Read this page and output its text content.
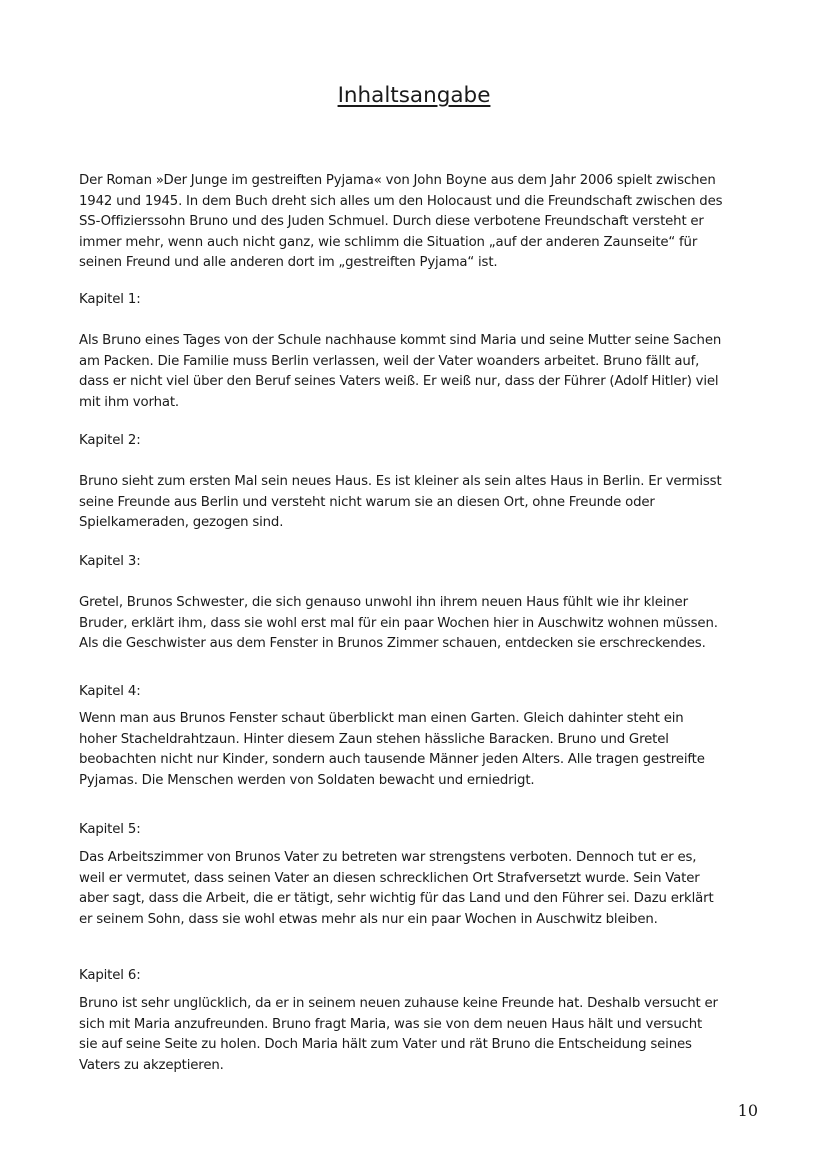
Inhaltsangabe

Der Roman »Der Junge im gestreiften Pyjama« von John Boyne aus dem Jahr 2006 spielt zwischen
1942 und 1945. In dem Buch dreht sich alles um den Holocaust und die Freundschaft zwischen des
SS-Offizierssohn Bruno und des Juden Schmuel. Durch diese verbotene Freundschaft versteht er
immer mehr, wenn auch nicht ganz, wie schlimm die Situation „auf der anderen Zaunseite“ für
seinen Freund und alle anderen dort im „gestreiften Pyjama“ ist.

Kapitel 1:

Als Bruno eines Tages von der Schule nachhause kommt sind Maria und seine Mutter seine Sachen
am Packen. Die Familie muss Berlin verlassen, weil der Vater woanders arbeitet. Bruno fällt auf,
dass er nicht viel über den Beruf seines Vaters weiß. Er weiß nur, dass der Führer (Adolf Hitler) viel
mit ihm vorhat.

Kapitel 2:

Bruno sieht zum ersten Mal sein neues Haus. Es ist kleiner als sein altes Haus in Berlin. Er vermisst
seine Freunde aus Berlin und versteht nicht warum sie an diesen Ort, ohne Freunde oder
Spielkameraden, gezogen sind.

Kapitel 3:

Gretel, Brunos Schwester, die sich genauso unwohl ihn ihrem neuen Haus fühlt wie ihr kleiner
Bruder, erklärt ihm, dass sie wohl erst mal für ein paar Wochen hier in Auschwitz wohnen müssen.
Als die Geschwister aus dem Fenster in Brunos Zimmer schauen, entdecken sie erschreckendes.

Kapitel 4:

Wenn man aus Brunos Fenster schaut überblickt man einen Garten. Gleich dahinter steht ein
hoher Stacheldrahtzaun. Hinter diesem Zaun stehen hässliche Baracken. Bruno und Gretel
beobachten nicht nur Kinder, sondern auch tausende Männer jeden Alters. Alle tragen gestreifte
Pyjamas. Die Menschen werden von Soldaten bewacht und erniedrigt.

Kapitel 5:

Das Arbeitszimmer von Brunos Vater zu betreten war strengstens verboten. Dennoch tut er es,
weil er vermutet, dass seinen Vater an diesen schrecklichen Ort Strafversetzt wurde. Sein Vater
aber sagt, dass die Arbeit, die er tätigt, sehr wichtig für das Land und den Führer sei. Dazu erklärt
er seinem Sohn, dass sie wohl etwas mehr als nur ein paar Wochen in Auschwitz bleiben.

Kapitel 6:

Bruno ist sehr unglücklich, da er in seinem neuen zuhause keine Freunde hat. Deshalb versucht er
sich mit Maria anzufreunden. Bruno fragt Maria, was sie von dem neuen Haus hält und versucht
sie auf seine Seite zu holen. Doch Maria hält zum Vater und rät Bruno die Entscheidung seines
Vaters zu akzeptieren.

10
